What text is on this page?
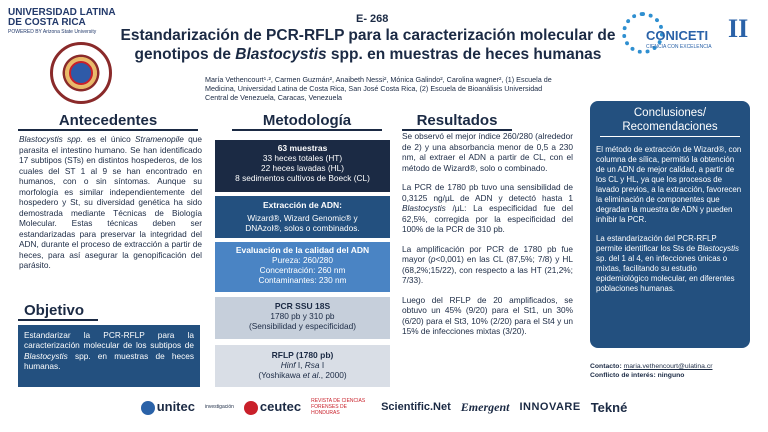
UNIVERSIDAD LATINA
DE COSTA RICA
POWERED BY Arizona State University
E- 268
Estandarización de PCR-RFLP para la caracterización molecular de genotipos de Blastocystis spp. en muestras de heces humanas
CONICETI II
CIENCIA CON EXCELENCIA
María Vethencourt¹·², Carmen Guzmán², Anaibeth Nessi², Mónica Galindo², Carolina wagner², (1) Escuela de Medicina, Universidad Latina de Costa Rica, San José Costa Rica, (2) Escuela de Bioanálisis Universidad Central de Venezuela, Caracas, Venezuela
Antecedentes
Blastocystis spp. es el único Stramenopile que parasita el intestino humano. Se han identificado 17 subtipos (STs) en distintos hospederos, de los cuales del ST 1 al 9 se han encontrado en humanos, con o sin síntomas. Aunque su morfología es similar independientemente del hospedero y St, su diversidad genética ha sido demostrada mediante Técnicas de Biología Molecular. Estas técnicas deben ser estandarizadas para preservar la integridad del ADN, durante el proceso de extracción a partir de heces, para así asegurar la genopificación del parásito.
Objetivo
Estandarizar la PCR-RFLP para la caracterización molecular de los subtipos de Blastocystis spp. en muestras de heces humanas.
Metodología
63 muestras
33 heces totales (HT)
22 heces lavadas (HL)
8 sedimentos cultivos de Boeck (CL)
Extracción de ADN:
Wizard®, Wizard Genomic® y
DNAzol®, solos o combinados.
Evaluación de la calidad del ADN
Pureza: 260/280
Concentración: 260 nm
Contaminantes: 230 nm
PCR SSU 18S
1780 pb y 310 pb
(Sensibilidad y especificidad)
RFLP (1780 pb)
Hinf I, Rsa I
(Yoshikawa et al., 2000)
Resultados

Se observó el mejor índice 260/280 (alrededor de 2) y una absorbancia menor de 0,5 a 230 nm, al extraer el ADN a partir de CL, con el método de Wizard®, solo o combinado.

La PCR de 1780 pb tuvo una sensibilidad de 0,3125 ng/µL de ADN y detectó hasta 1 Blastocystis /µL: La especificidad fue del 62,5%, corregida por la especificidad del 100% de la PCR de 310 pb.

La amplificación por PCR de 1780 pb fue mayor (p<0,001) en las CL (87,5%; 7/8) y HL (68,2%;15/22), con respecto a las HT (21,2%; 7/33).

Luego del RFLP de 20 amplificados, se obtuvo un 45% (9/20) para el St1, un 30% (6/20) para el St3, 10% (2/20) para el St4 y un 15% de infecciones mixtas (3/20).

Conclusiones/
Recomendaciones

El método de extracción de Wizard®, con columna de sílica, permitió la obtención de un ADN de mejor calidad, a partir de los CL y HL, ya que los procesos de lavado previos, a la extracción, favorecen la eliminación de componentes que degradan la muestra de ADN y pueden inhibir la PCR.

La estandarización del PCR-RFLP permite identificar los Sts de Blastocystis sp. del 1 al 4, en infecciones únicas o mixtas, facilitando su estudio epidemiológico molecular, en diferentes poblaciones humanas.

Contacto: maria.vethencourt@ulatina.cr
Conflicto de interés: ninguno
unitec investigación	ceutec REVISTA DE CIENCIAS FORENSES DE HONDURAS	Scientific.Net Emergent INNOVARE Tekné
